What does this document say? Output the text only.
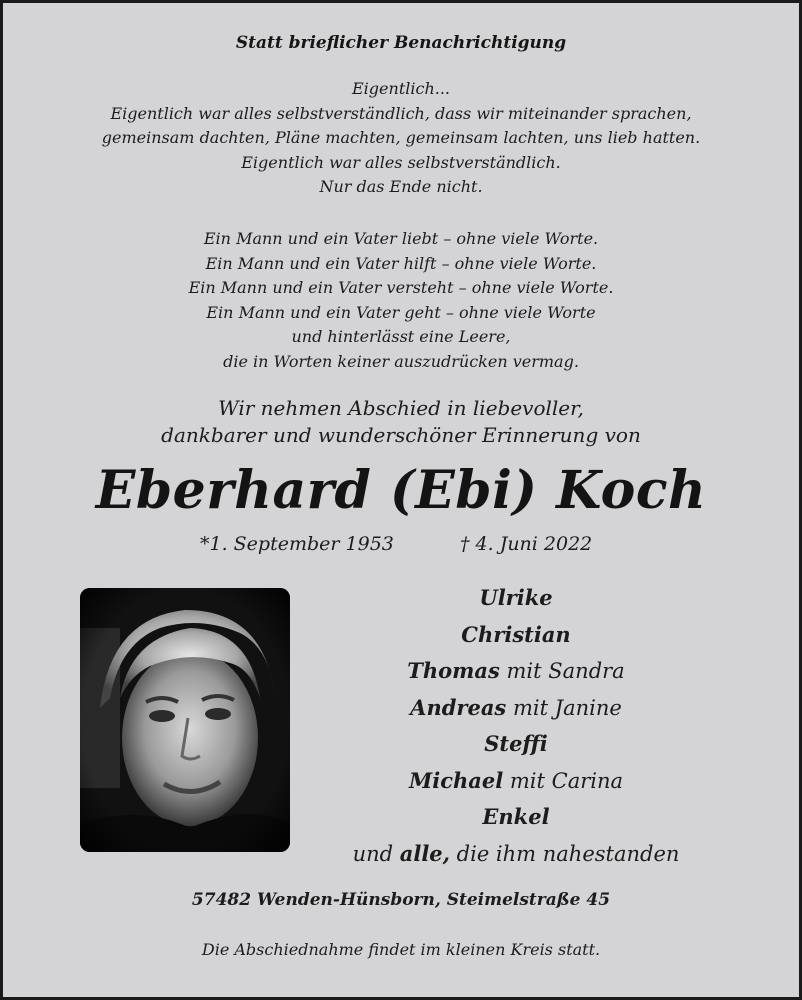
Statt brieflicher Benachrichtigung
Eigentlich...
Eigentlich war alles selbstverständlich, dass wir miteinander sprachen,
gemeinsam dachten, Pläne machten, gemeinsam lachten, uns lieb hatten.
Eigentlich war alles selbstverständlich.
Nur das Ende nicht.
Ein Mann und ein Vater liebt – ohne viele Worte.
Ein Mann und ein Vater hilft – ohne viele Worte.
Ein Mann und ein Vater versteht – ohne viele Worte.
Ein Mann und ein Vater geht – ohne viele Worte
und hinterlässt eine Leere,
die in Worten keiner auszudrücken vermag.
Wir nehmen Abschied in liebevoller,
dankbarer und wunderschöner Erinnerung von
Eberhard (Ebi) Koch
*1. September 1953	† 4. Juni 2022
Ulrike
Christian
Thomas mit Sandra
Andreas mit Janine
Steffi
Michael mit Carina
Enkel
und alle, die ihm nahestanden
57482 Wenden-Hünsborn, Steimelstraße 45
Die Abschiednahme findet im kleinen Kreis statt.
